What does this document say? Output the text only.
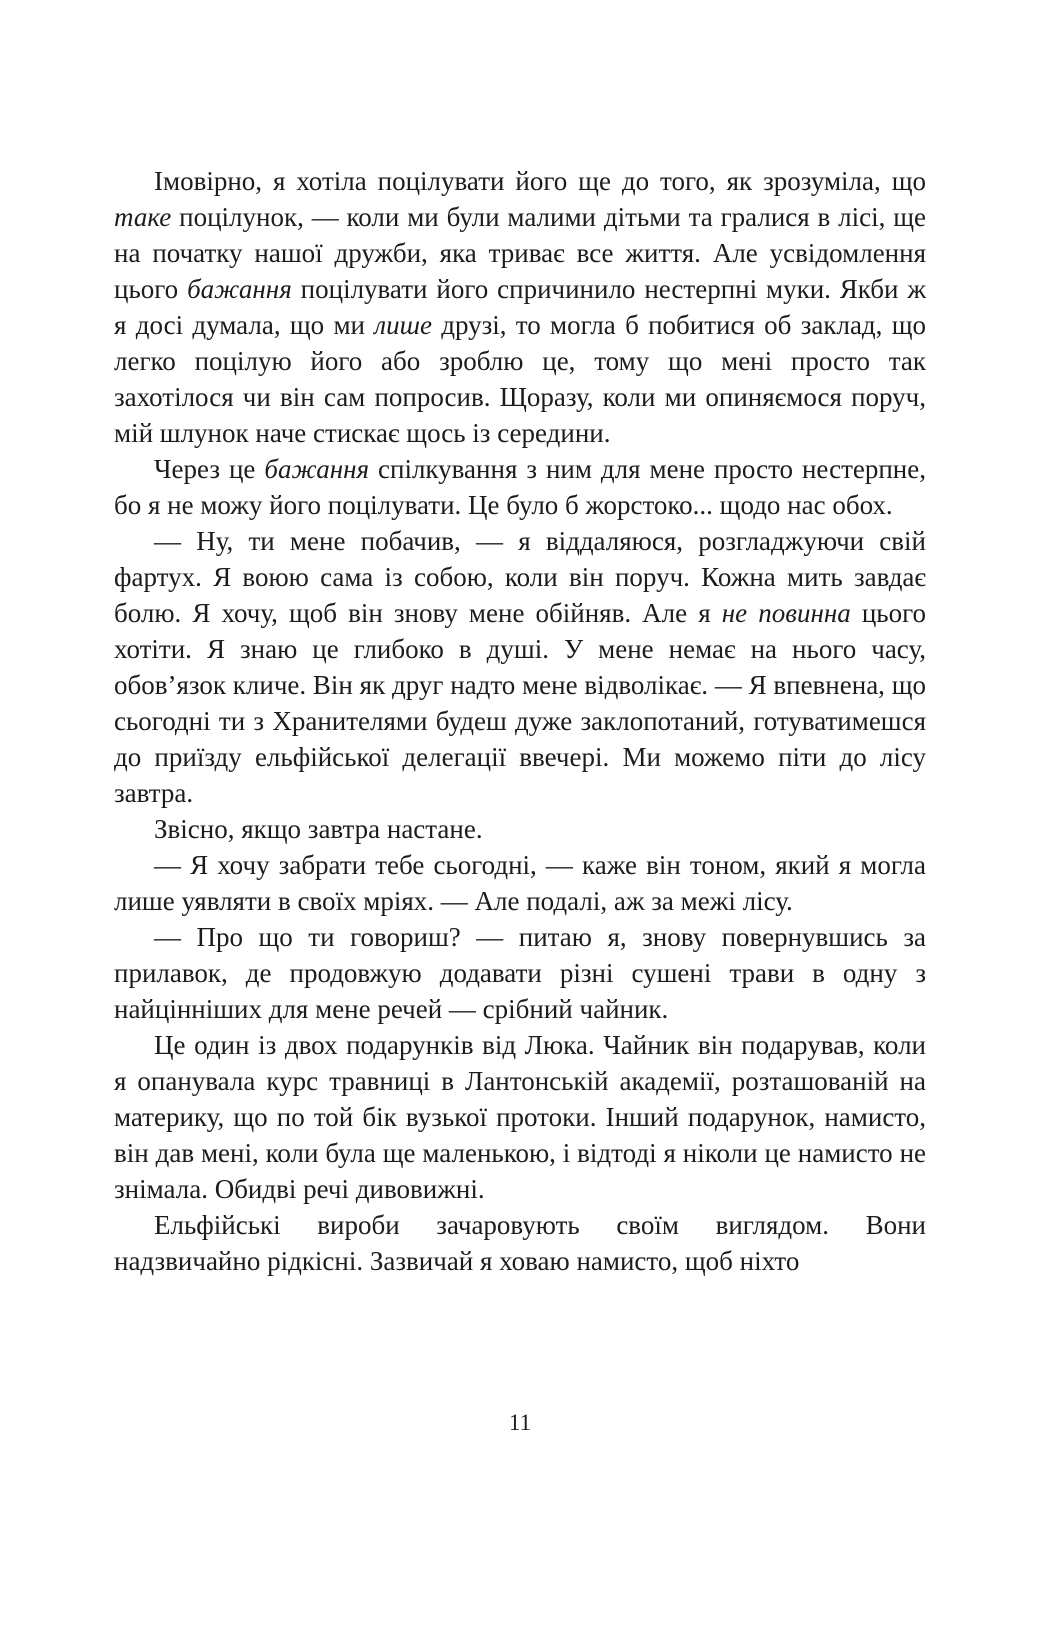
Імовірно, я хотіла поцілувати його ще до того, як зрозуміла, що таке поцілунок, — коли ми були малими дітьми та гралися в лісі, ще на початку нашої дружби, яка триває все життя. Але усвідомлення цього бажання поцілувати його спричинило нестерпні муки. Якби ж я досі думала, що ми лише друзі, то могла б побитися об заклад, що легко поцілую його або зроблю це, тому що мені просто так захотілося чи він сам попросив. Щоразу, коли ми опиняємося поруч, мій шлунок наче стискає щось із середини.

Через це бажання спілкування з ним для мене просто нестерпне, бо я не можу його поцілувати. Це було б жорстоко... щодо нас обох.

— Ну, ти мене побачив, — я віддаляюся, розгладжуючи свій фартух. Я воюю сама із собою, коли він поруч. Кожна мить завдає болю. Я хочу, щоб він знову мене обійняв. Але я не повинна цього хотіти. Я знаю це глибоко в душі. У мене немає на нього часу, обов’язок кличе. Він як друг надто мене відволікає. — Я впевнена, що сьогодні ти з Хранителями будеш дуже заклопотаний, готуватимешся до приїзду ельфійської делегації ввечері. Ми можемо піти до лісу завтра.

Звісно, якщо завтра настане.

— Я хочу забрати тебе сьогодні, — каже він тоном, який я могла лише уявляти в своїх мріях. — Але подалі, аж за межі лісу.

— Про що ти говориш? — питаю я, знову повернувшись за прилавок, де продовжую додавати різні сушені трави в одну з найцінніших для мене речей — срібний чайник.

Це один із двох подарунків від Люка. Чайник він подарував, коли я опанувала курс травниці в Лантонській академії, розташованій на материку, що по той бік вузької протоки. Інший подарунок, намисто, він дав мені, коли була ще маленькою, і відтоді я ніколи це намисто не знімала. Обидві речі дивовижні.

Ельфійські вироби зачаровують своїм виглядом. Вони надзвичайно рідкісні. Зазвичай я ховаю намисто, щоб ніхто

11
